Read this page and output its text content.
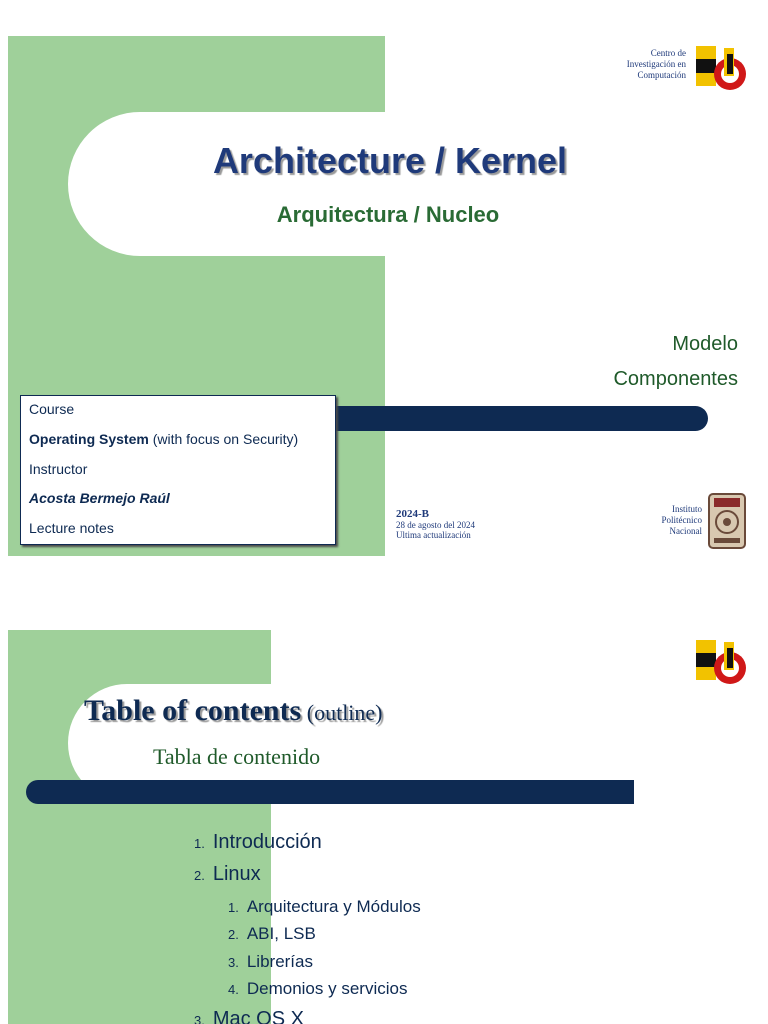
Architecture / Kernel
Arquitectura / Nucleo
Modelo
Componentes
Centro de
Investigación en
Computación
Course
Operating System (with focus on Security)
Instructor
Acosta Bermejo Raúl
Lecture notes
2024-B
28 de agosto del 2024
Ultima actualización
Instituto
Politécnico
Nacional
Table of contents (outline)
Tabla de contenido
1. Introducción
2. Linux
1. Arquitectura y Módulos
2. ABI, LSB
3. Librerías
4. Demonios y servicios
3. Mac OS X
